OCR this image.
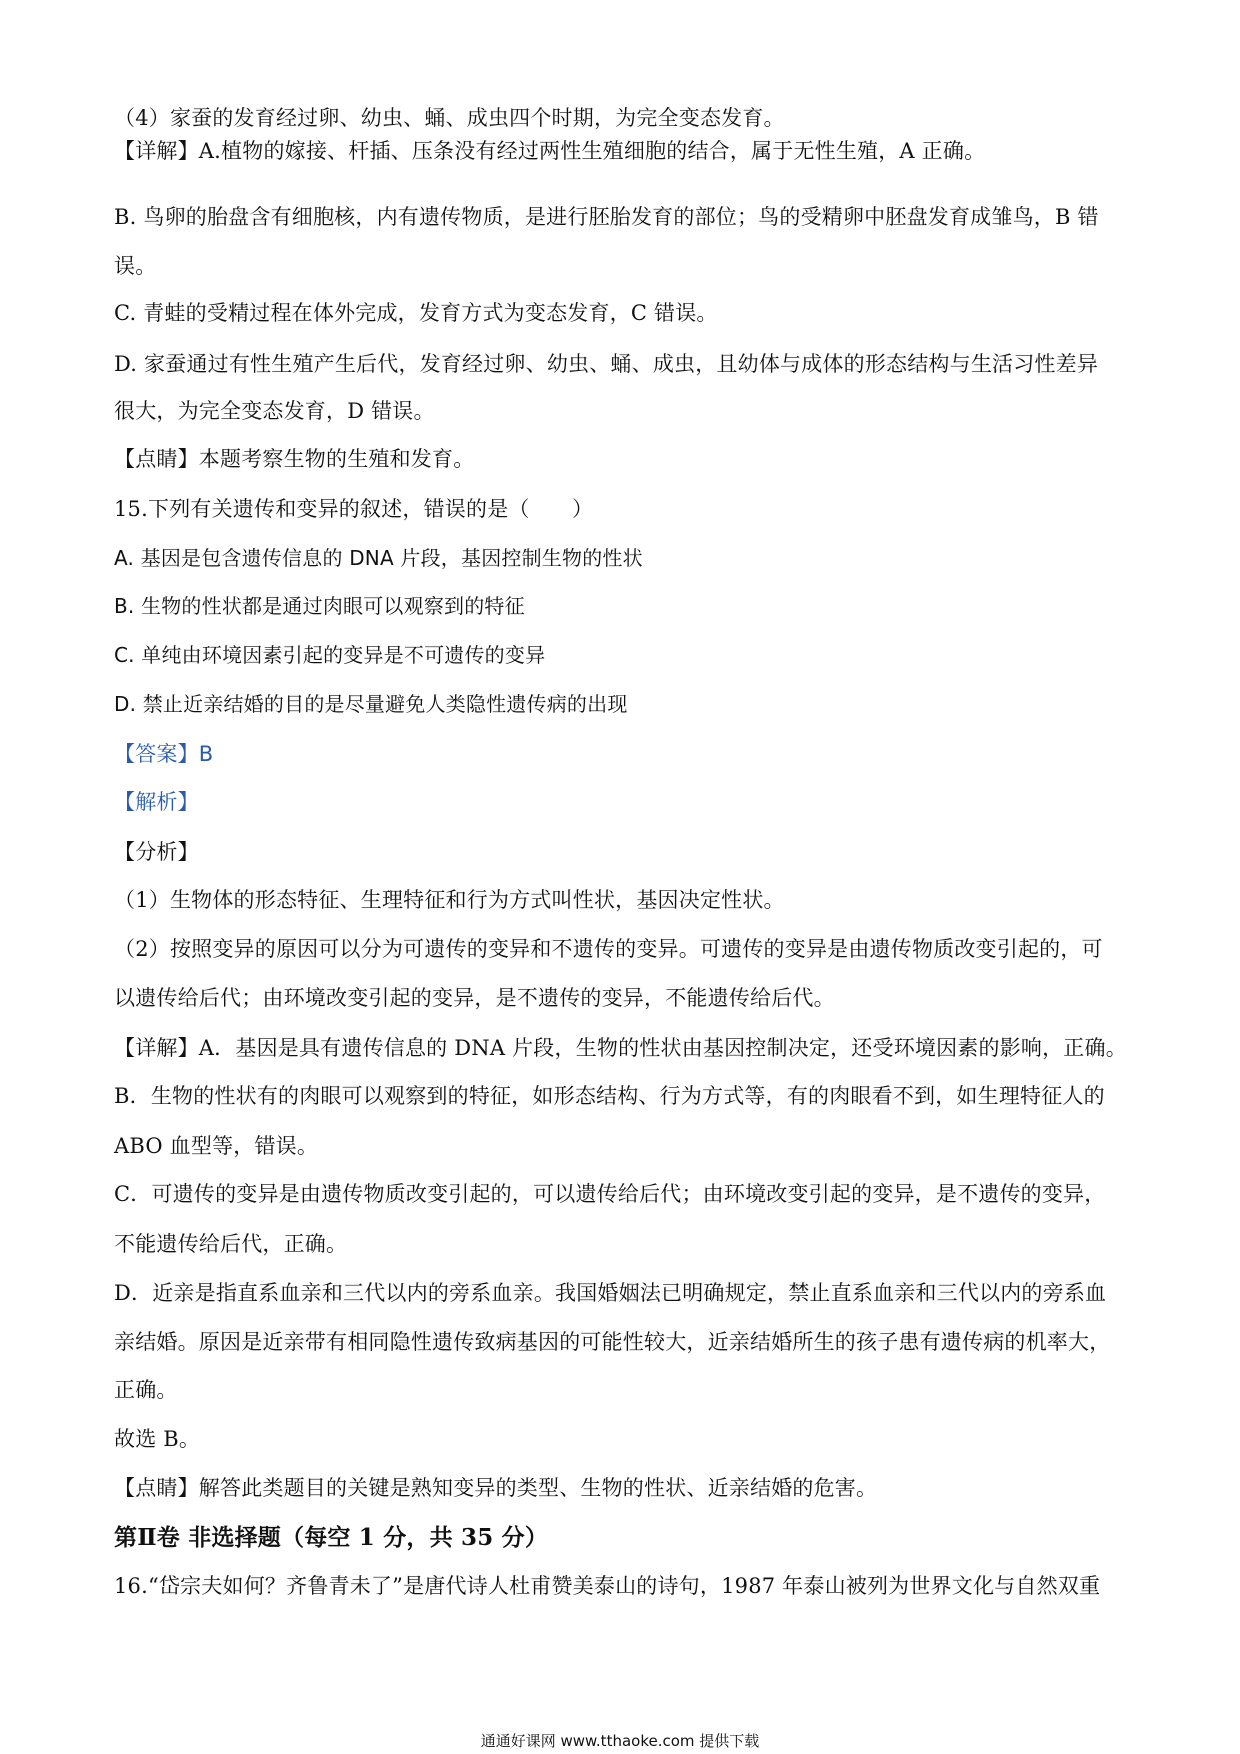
（4）家蚕的发育经过卵、幼虫、蛹、成虫四个时期，为完全变态发育。
【详解】A.植物的嫁接、杆插、压条没有经过两性生殖细胞的结合，属于无性生殖，A 正确。
B. 鸟卵的胎盘含有细胞核，内有遗传物质，是进行胚胎发育的部位；鸟的受精卵中胚盘发育成雏鸟，B 错
误。
C. 青蛙的受精过程在体外完成，发育方式为变态发育，C 错误。
D. 家蚕通过有性生殖产生后代，发育经过卵、幼虫、蛹、成虫，且幼体与成体的形态结构与生活习性差异
很大，为完全变态发育，D 错误。
【点睛】本题考察生物的生殖和发育。
15.下列有关遗传和变异的叙述，错误的是（　　）
A. 基因是包含遗传信息的 DNA 片段，基因控制生物的性状
B. 生物的性状都是通过肉眼可以观察到的特征
C. 单纯由环境因素引起的变异是不可遗传的变异
D. 禁止近亲结婚的目的是尽量避免人类隐性遗传病的出现
【答案】B
【解析】
【分析】
（1）生物体的形态特征、生理特征和行为方式叫性状，基因决定性状。
（2）按照变异的原因可以分为可遗传的变异和不遗传的变异。可遗传的变异是由遗传物质改变引起的，可
以遗传给后代；由环境改变引起的变异，是不遗传的变异，不能遗传给后代。
【详解】A．基因是具有遗传信息的 DNA 片段，生物的性状由基因控制决定，还受环境因素的影响，正确。
B．生物的性状有的肉眼可以观察到的特征，如形态结构、行为方式等，有的肉眼看不到，如生理特征人的
ABO 血型等，错误。
C．可遗传的变异是由遗传物质改变引起的，可以遗传给后代；由环境改变引起的变异，是不遗传的变异，
不能遗传给后代，正确。
D．近亲是指直系血亲和三代以内的旁系血亲。我国婚姻法已明确规定，禁止直系血亲和三代以内的旁系血
亲结婚。原因是近亲带有相同隐性遗传致病基因的可能性较大，近亲结婚所生的孩子患有遗传病的机率大，
正确。
故选 B。
【点睛】解答此类题目的关键是熟知变异的类型、生物的性状、近亲结婚的危害。
第Ⅱ卷 非选择题（每空 1 分，共 35 分）
16.“岱宗夫如何？齐鲁青未了”是唐代诗人杜甫赞美泰山的诗句，1987 年泰山被列为世界文化与自然双重
通通好课网 www.tthaoke.com 提供下载
